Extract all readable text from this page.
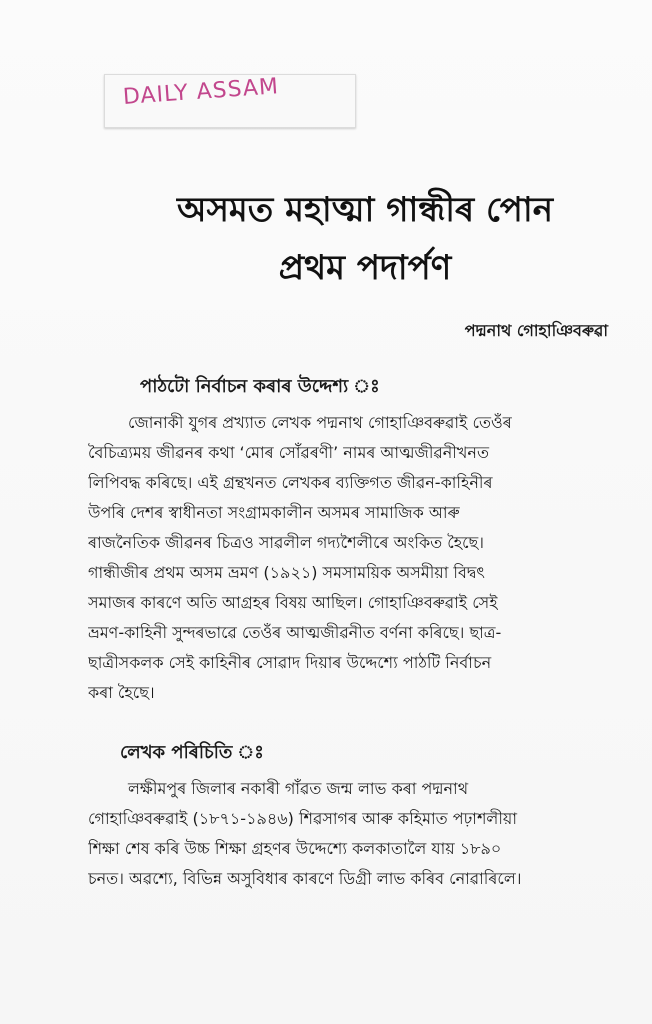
DAILY ASSAM
অসমত মহাত্মা গান্ধীৰ পোন
প্ৰথম পদাৰ্পণ
পদ্মনাথ গোহাঞিবৰুৱা
পাঠটো নিৰ্বাচন কৰাৰ উদ্দেশ্য ঃ
জোনাকী যুগৰ প্ৰখ্যাত লেখক পদ্মনাথ গোহাঞিবৰুৱাই তেওঁৰ
বৈচিত্ৰ্যময় জীৱনৰ কথা ‘মোৰ সোঁৱৰণী’ নামৰ আত্মজীৱনীখনত
লিপিবদ্ধ কৰিছে। এই গ্ৰন্থখনত লেখকৰ ব্যক্তিগত জীৱন-কাহিনীৰ
উপৰি দেশৰ স্বাধীনতা সংগ্ৰামকালীন অসমৰ সামাজিক আৰু
ৰাজনৈতিক জীৱনৰ চিত্ৰও সাৱলীল গদ্যশৈলীৰে অংকিত হৈছে।
গান্ধীজীৰ প্ৰথম অসম ভ্ৰমণ (১৯২১) সমসাময়িক অসমীয়া বিদ্বৎ
সমাজৰ কাৰণে অতি আগ্ৰহৰ বিষয় আছিল। গোহাঞিবৰুৱাই সেই
ভ্ৰমণ-কাহিনী সুন্দৰভাৱে তেওঁৰ আত্মজীৱনীত বৰ্ণনা কৰিছে। ছাত্ৰ-
ছাত্ৰীসকলক সেই কাহিনীৰ সোৱাদ দিয়াৰ উদ্দেশ্যে পাঠটি নিৰ্বাচন
কৰা হৈছে।
লেখক পৰিচিতি ঃ
লক্ষীমপুৰ জিলাৰ নকাৰী গাঁৱত জন্ম লাভ কৰা পদ্মনাথ
গোহাঞিবৰুৱাই (১৮৭১-১৯৪৬) শিৱসাগৰ আৰু কহিমাত পঢ়াশলীয়া
শিক্ষা শেষ কৰি উচ্চ শিক্ষা গ্ৰহণৰ উদ্দেশ্যে কলকাতালৈ যায় ১৮৯০
চনত। অৱশ্যে, বিভিন্ন অসুবিধাৰ কাৰণে ডিগ্ৰী লাভ কৰিব নোৱাৰিলে।
